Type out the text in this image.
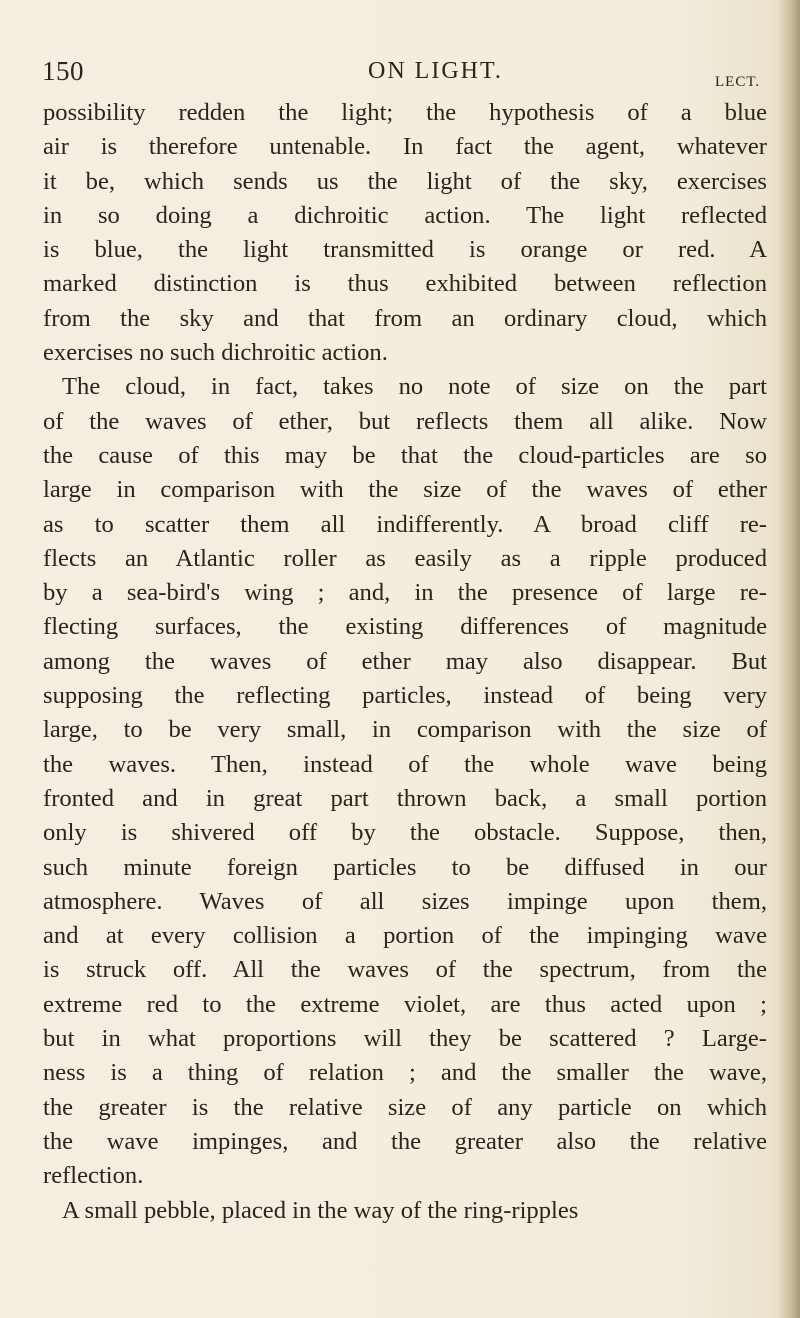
150	ON LIGHT.	LECT.
possibility redden the light; the hypothesis of a blue
air is therefore untenable. In fact the agent, whatever
it be, which sends us the light of the sky, exercises
in so doing a dichroitic action. The light reflected
is blue, the light transmitted is orange or red. A
marked distinction is thus exhibited between reflection
from the sky and that from an ordinary cloud, which
exercises no such dichroitic action.
The cloud, in fact, takes no note of size on the part
of the waves of ether, but reflects them all alike. Now
the cause of this may be that the cloud-particles are so
large in comparison with the size of the waves of ether
as to scatter them all indifferently. A broad cliff re-
flects an Atlantic roller as easily as a ripple produced
by a sea-bird's wing ; and, in the presence of large re-
flecting surfaces, the existing differences of magnitude
among the waves of ether may also disappear. But
supposing the reflecting particles, instead of being very
large, to be very small, in comparison with the size of
the waves. Then, instead of the whole wave being
fronted and in great part thrown back, a small portion
only is shivered off by the obstacle. Suppose, then,
such minute foreign particles to be diffused in our
atmosphere. Waves of all sizes impinge upon them,
and at every collision a portion of the impinging wave
is struck off. All the waves of the spectrum, from the
extreme red to the extreme violet, are thus acted upon ;
but in what proportions will they be scattered ? Large-
ness is a thing of relation ; and the smaller the wave,
the greater is the relative size of any particle on which
the wave impinges, and the greater also the relative
reflection.
A small pebble, placed in the way of the ring-ripples
